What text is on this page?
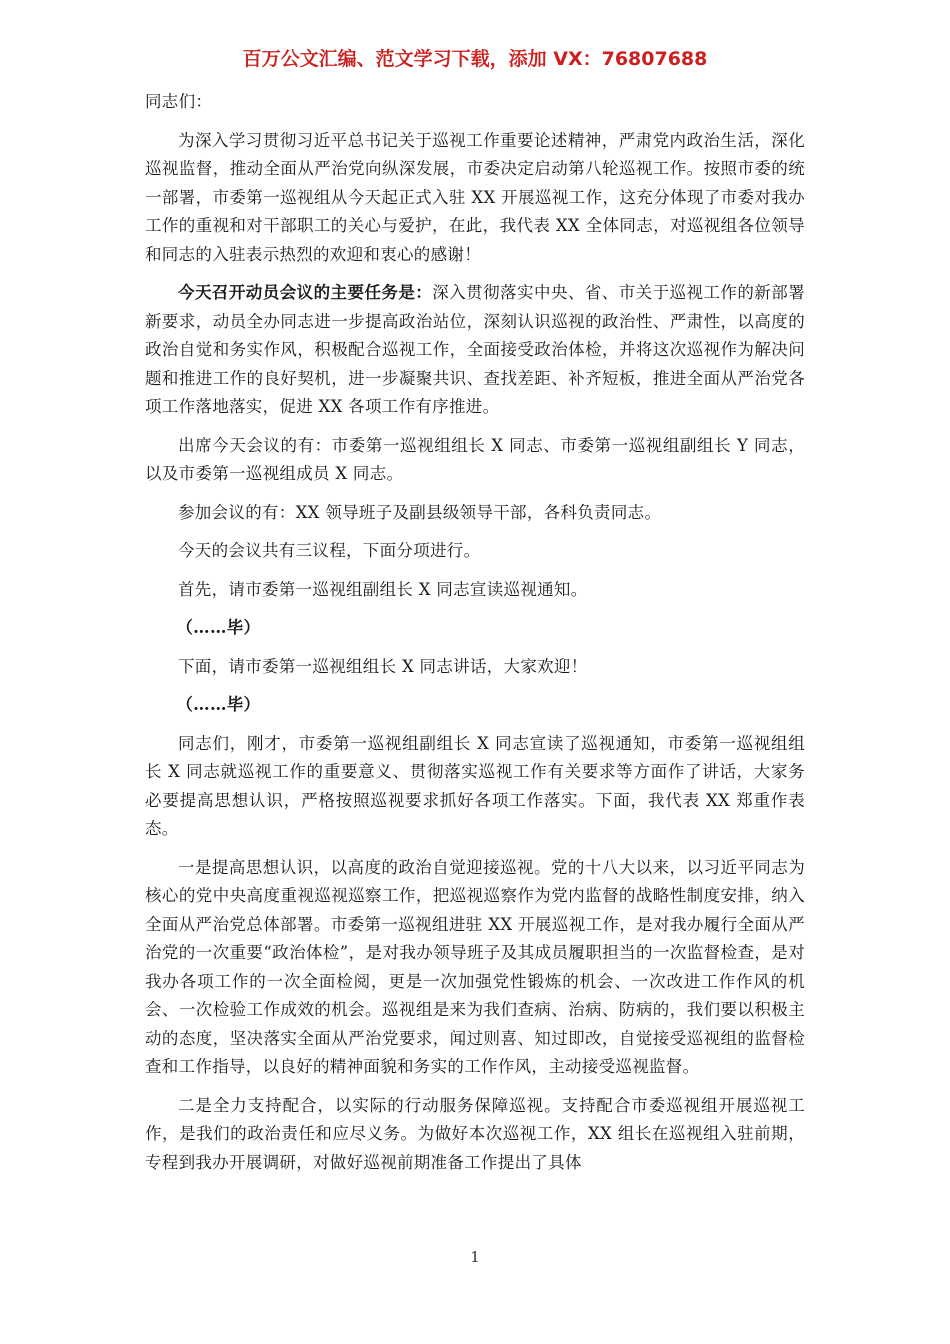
百万公文汇编、范文学习下载，添加 VX：76807688
同志们：

为深入学习贯彻习近平总书记关于巡视工作重要论述精神，严肃党内政治生活，深化巡视监督，推动全面从严治党向纵深发展，市委决定启动第八轮巡视工作。按照市委的统一部署，市委第一巡视组从今天起正式入驻 XX 开展巡视工作，这充分体现了市委对我办工作的重视和对干部职工的关心与爱护，在此，我代表 XX 全体同志，对巡视组各位领导和同志的入驻表示热烈的欢迎和衷心的感谢！

今天召开动员会议的主要任务是：深入贯彻落实中央、省、市关于巡视工作的新部署新要求，动员全办同志进一步提高政治站位，深刻认识巡视的政治性、严肃性，以高度的政治自觉和务实作风，积极配合巡视工作，全面接受政治体检，并将这次巡视作为解决问题和推进工作的良好契机，进一步凝聚共识、查找差距、补齐短板，推进全面从严治党各项工作落地落实，促进 XX 各项工作有序推进。

出席今天会议的有：市委第一巡视组组长 X 同志、市委第一巡视组副组长 Y 同志，以及市委第一巡视组成员 X 同志。

参加会议的有：XX 领导班子及副县级领导干部，各科负责同志。

今天的会议共有三议程，下面分项进行。

首先，请市委第一巡视组副组长 X 同志宣读巡视通知。

（……毕）

下面，请市委第一巡视组组长 X 同志讲话，大家欢迎！

（……毕）

同志们，刚才，市委第一巡视组副组长 X 同志宣读了巡视通知，市委第一巡视组组长 X 同志就巡视工作的重要意义、贯彻落实巡视工作有关要求等方面作了讲话，大家务必要提高思想认识，严格按照巡视要求抓好各项工作落实。下面，我代表 XX 郑重作表态。

一是提高思想认识，以高度的政治自觉迎接巡视。党的十八大以来，以习近平同志为核心的党中央高度重视巡视巡察工作，把巡视巡察作为党内监督的战略性制度安排，纳入全面从严治党总体部署。市委第一巡视组进驻 XX 开展巡视工作，是对我办履行全面从严治党的一次重要“政治体检”，是对我办领导班子及其成员履职担当的一次监督检查，是对我办各项工作的一次全面检阅，更是一次加强党性锻炼的机会、一次改进工作作风的机会、一次检验工作成效的机会。巡视组是来为我们查病、治病、防病的，我们要以积极主动的态度，坚决落实全面从严治党要求，闻过则喜、知过即改，自觉接受巡视组的监督检查和工作指导，以良好的精神面貌和务实的工作作风，主动接受巡视监督。

二是全力支持配合，以实际的行动服务保障巡视。支持配合市委巡视组开展巡视工作，是我们的政治责任和应尽义务。为做好本次巡视工作，XX 组长在巡视组入驻前期，专程到我办开展调研，对做好巡视前期准备工作提出了具体

1
